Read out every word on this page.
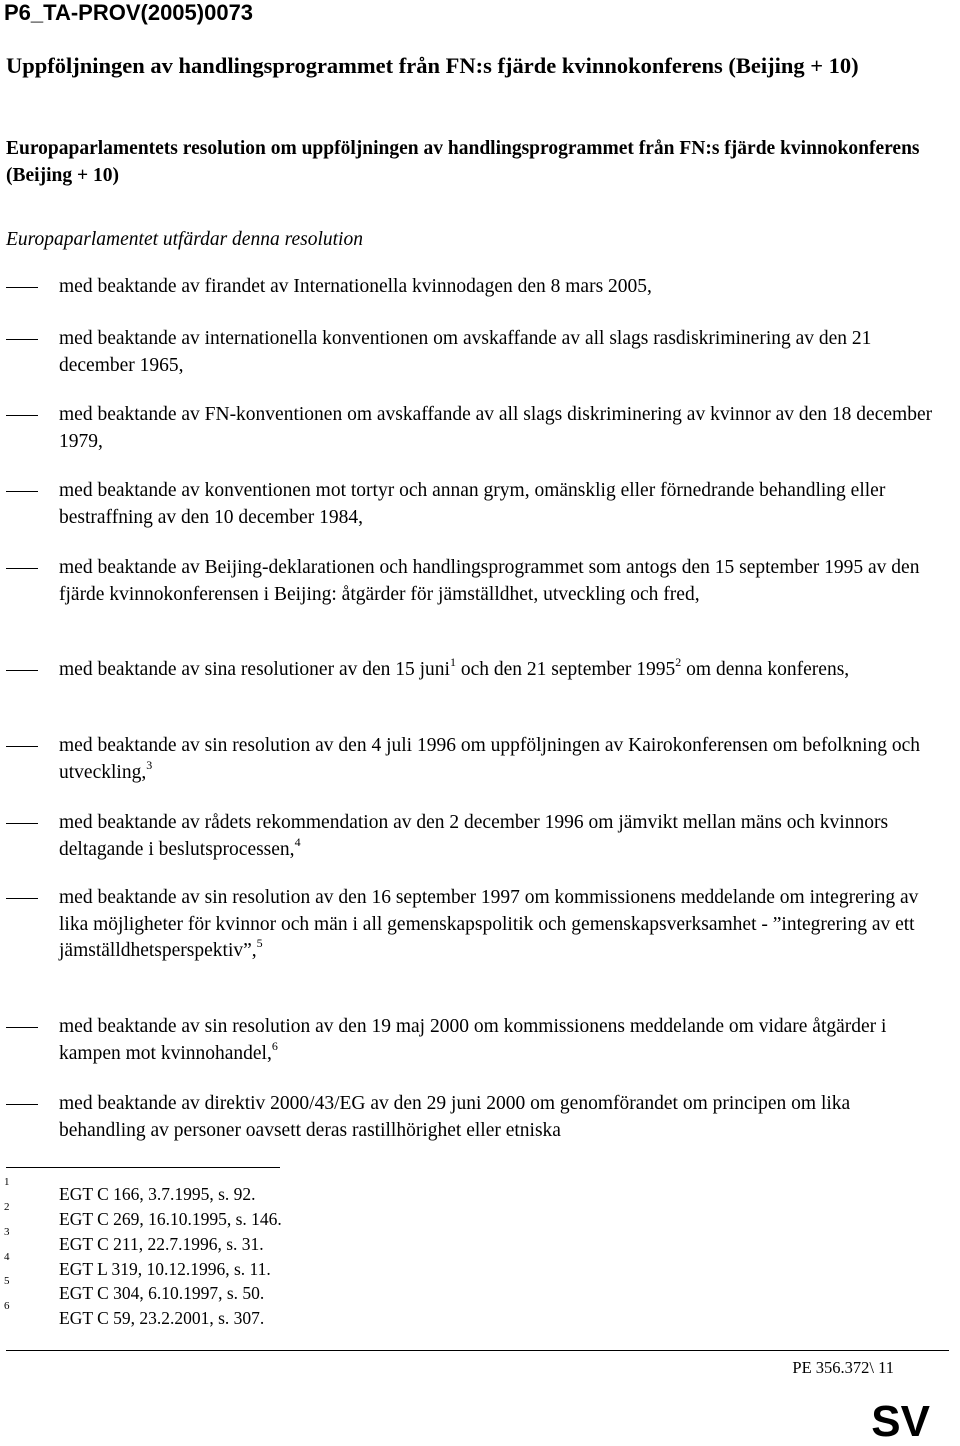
P6_TA-PROV(2005)0073
Uppföljningen av handlingsprogrammet från FN:s fjärde kvinnokonferens (Beijing + 10)
Europaparlamentets resolution om uppföljningen av handlingsprogrammet från FN:s fjärde kvinnokonferens (Beijing + 10)
Europaparlamentet utfärdar denna resolution
med beaktande av firandet av Internationella kvinnodagen den 8 mars 2005,
med beaktande av internationella konventionen om avskaffande av all slags rasdiskriminering av den 21 december 1965,
med beaktande av FN-konventionen om avskaffande av all slags diskriminering av kvinnor av den 18 december 1979,
med beaktande av konventionen mot tortyr och annan grym, omänsklig eller förnedrande behandling eller bestraffning av den 10 december 1984,
med beaktande av Beijing-deklarationen och handlingsprogrammet som antogs den 15 september 1995 av den fjärde kvinnokonferensen i Beijing: åtgärder för jämställdhet, utveckling och fred,
med beaktande av sina resolutioner av den 15 juni$^1$ och den 21 september 1995$^2$ om denna konferens,
med beaktande av sin resolution av den 4 juli 1996 om uppföljningen av Kairokonferensen om befolkning och utveckling,$^3$
med beaktande av rådets rekommendation av den 2 december 1996 om jämvikt mellan mäns och kvinnors deltagande i beslutsprocessen,$^4$
med beaktande av sin resolution av den 16 september 1997 om kommissionens meddelande om integrering av lika möjligheter för kvinnor och män i all gemenskapspolitik och gemenskapsverksamhet - ”integrering av ett jämställdhetsperspektiv”,$^5$
med beaktande av sin resolution av den 19 maj 2000 om kommissionens meddelande om vidare åtgärder i kampen mot kvinnohandel,$^6$
med beaktande av direktiv 2000/43/EG av den 29 juni 2000 om genomförandet om principen om lika behandling av personer oavsett deras rastillhörighet eller etniska
1
EGT C 166, 3.7.1995, s. 92.
2
EGT C 269, 16.10.1995, s. 146.
3
EGT C 211, 22.7.1996, s. 31.
4
EGT L 319, 10.12.1996, s. 11.
5
EGT C 304, 6.10.1997, s. 50.
6
EGT C 59, 23.2.2001, s. 307.
PE 356.372\ 11
SV
